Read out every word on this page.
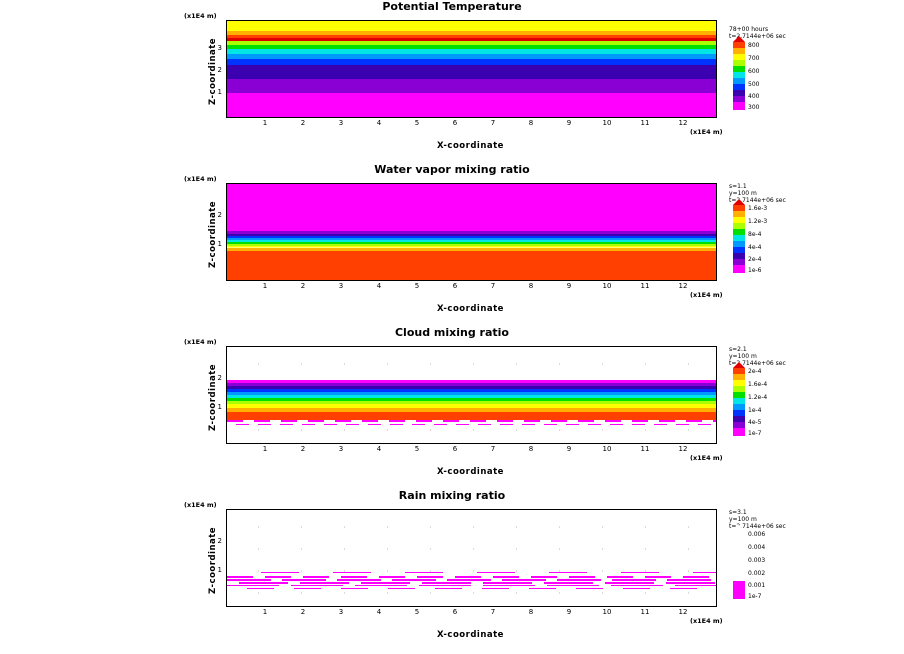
Potential Temperature
(x1E4 m)
Z-coordinate 3
2
1
1	2	3	4	5	6	7	8	9	10	11	12
(x1E4 m)
X-coordinate
78+00 hours
t=2.7144e+06 sec
800
700
600
500
400
300
Water vapor mixing ratio
(x1E4 m)
Z-coordinate 2
1
1	2	3	4	5	6	7	8	9	10	11	12
(x1E4 m)
X-coordinate
s=1.1
y=100 m
t=2.7144e+06 sec
1.6e-3
1.2e-3
8e-4
4e-4
2e-4
1e-6
Cloud mixing ratio
(x1E4 m)
Z-coordinate 2
1
1	2	3	4	5	6	7	8	9	10	11	12
(x1E4 m)
X-coordinate
s=2.1
y=100 m
t=2.7144e+06 sec
2e-4
1.6e-4
1.2e-4
1e-4
4e-5
1e-7
Rain mixing ratio
(x1E4 m)
Z-coordinate 2
1
1	2	3	4	5	6	7	8	9	10	11	12
(x1E4 m)
X-coordinate
s=3.1
y=100 m
t=2.7144e+06 sec
0.006
0.004
0.003
0.002
0.001
1e-7
